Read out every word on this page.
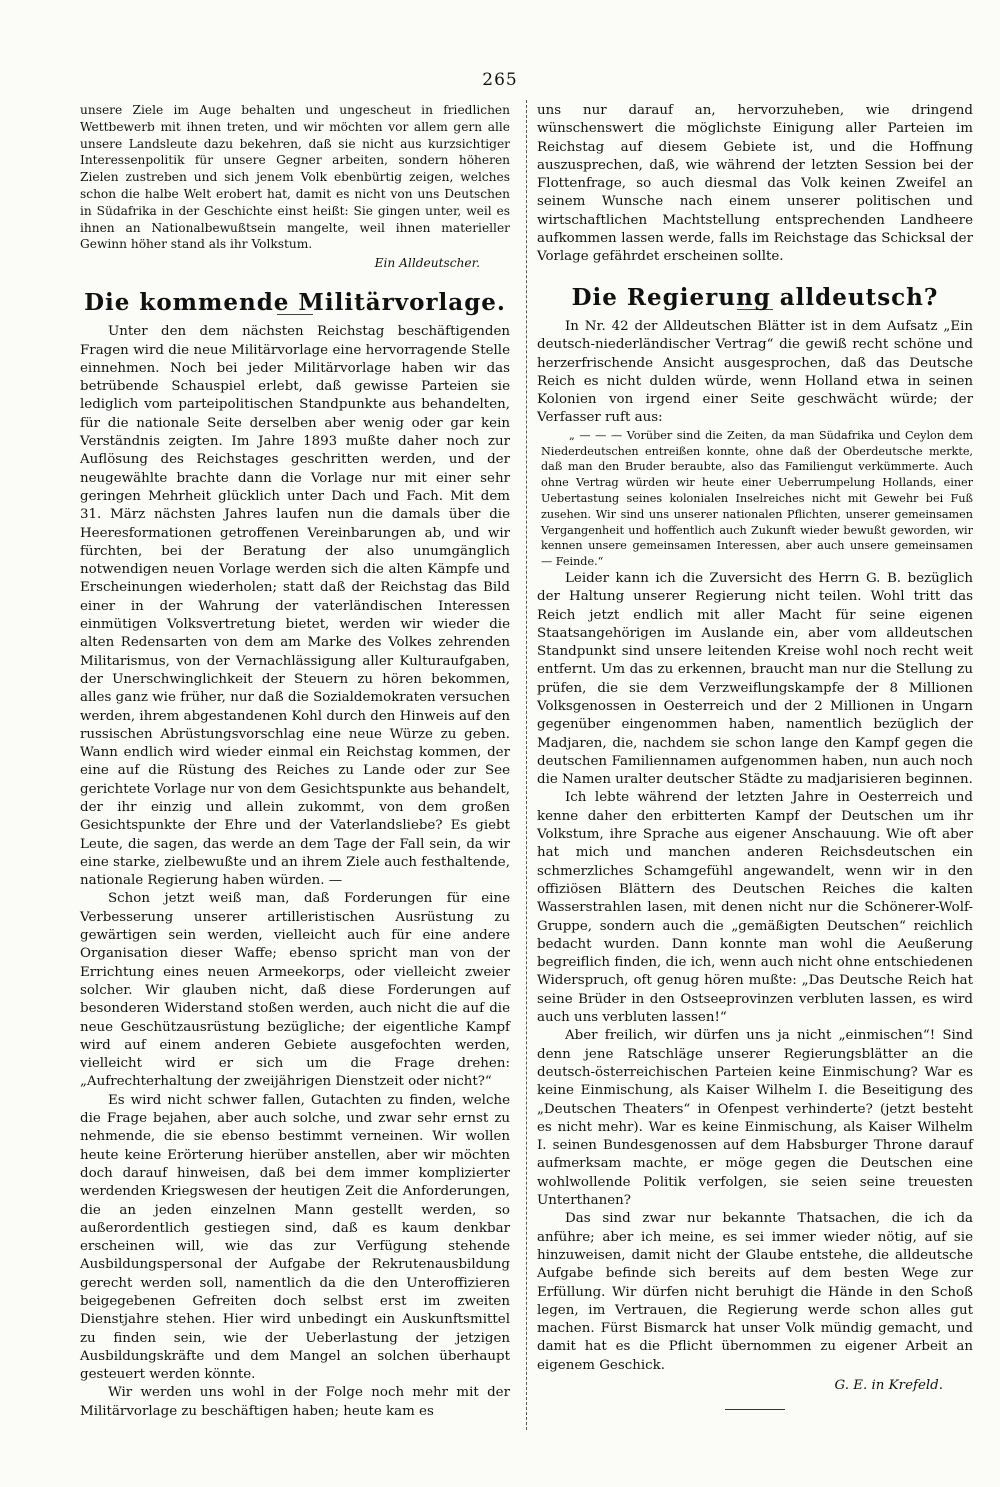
265

unsere Ziele im Auge behalten und ungescheut in friedlichen Wettbewerb mit ihnen treten, und wir möchten vor allem gern alle unsere Landsleute dazu bekehren, daß sie nicht aus kurzsichtiger Interessenpolitik für unsere Gegner arbeiten, sondern höheren Zielen zustreben und sich jenem Volk ebenbürtig zeigen, welches schon die halbe Welt erobert hat, damit es nicht von uns Deutschen in Südafrika in der Geschichte einst heißt: Sie gingen unter, weil es ihnen an Nationalbewußtsein mangelte, weil ihnen materieller Gewinn höher stand als ihr Volkstum.

Ein Alldeutscher.
Die kommende Militärvorlage.

Unter den dem nächsten Reichstag beschäftigenden Fragen wird die neue Militärvorlage eine hervorragende Stelle einnehmen. Noch bei jeder Militärvorlage haben wir das betrübende Schauspiel erlebt, daß gewisse Parteien sie lediglich vom parteipolitischen Standpunkte aus behandelten, für die nationale Seite derselben aber wenig oder gar kein Verständnis zeigten. Im Jahre 1893 mußte daher noch zur Auflösung des Reichstages geschritten werden, und der neugewählte brachte dann die Vorlage nur mit einer sehr geringen Mehrheit glücklich unter Dach und Fach. Mit dem 31. März nächsten Jahres laufen nun die damals über die Heeresformationen getroffenen Vereinbarungen ab, und wir fürchten, bei der Beratung der also unumgänglich notwendigen neuen Vorlage werden sich die alten Kämpfe und Erscheinungen wiederholen; statt daß der Reichstag das Bild einer in der Wahrung der vaterländischen Interessen einmütigen Volksvertretung bietet, werden wir wieder die alten Redensarten von dem am Marke des Volkes zehrenden Militarismus, von der Vernachlässigung aller Kulturaufgaben, der Unerschwinglichkeit der Steuern zu hören bekommen, alles ganz wie früher, nur daß die Sozialdemokraten versuchen werden, ihrem abgestandenen Kohl durch den Hinweis auf den russischen Abrüstungsvorschlag eine neue Würze zu geben. Wann endlich wird wieder einmal ein Reichstag kommen, der eine auf die Rüstung des Reiches zu Lande oder zur See gerichtete Vorlage nur von dem Gesichtspunkte aus behandelt, der ihr einzig und allein zukommt, von dem großen Gesichtspunkte der Ehre und der Vaterlandsliebe? Es giebt Leute, die sagen, das werde an dem Tage der Fall sein, da wir eine starke, zielbewußte und an ihrem Ziele auch festhaltende, nationale Regierung haben würden. —

Schon jetzt weiß man, daß Forderungen für eine Verbesserung unserer artilleristischen Ausrüstung zu gewärtigen sein werden, vielleicht auch für eine andere Organisation dieser Waffe; ebenso spricht man von der Errichtung eines neuen Armeekorps, oder vielleicht zweier solcher. Wir glauben nicht, daß diese Forderungen auf besonderen Widerstand stoßen werden, auch nicht die auf die neue Geschützausrüstung bezügliche; der eigentliche Kampf wird auf einem anderen Gebiete ausgefochten werden, vielleicht wird er sich um die Frage drehen: „Aufrechterhaltung der zweijährigen Dienstzeit oder nicht?“

Es wird nicht schwer fallen, Gutachten zu finden, welche die Frage bejahen, aber auch solche, und zwar sehr ernst zu nehmende, die sie ebenso bestimmt verneinen. Wir wollen heute keine Erörterung hierüber anstellen, aber wir möchten doch darauf hinweisen, daß bei dem immer komplizierter werdenden Kriegswesen der heutigen Zeit die Anforderungen, die an jeden einzelnen Mann gestellt werden, so außerordentlich gestiegen sind, daß es kaum denkbar erscheinen will, wie das zur Verfügung stehende Ausbildungspersonal der Aufgabe der Rekrutenausbildung gerecht werden soll, namentlich da die den Unteroffizieren beigegebenen Gefreiten doch selbst erst im zweiten Dienstjahre stehen. Hier wird unbedingt ein Auskunftsmittel zu finden sein, wie der Ueberlastung der jetzigen Ausbildungskräfte und dem Mangel an solchen überhaupt gesteuert werden könnte.

Wir werden uns wohl in der Folge noch mehr mit der Militärvorlage zu beschäftigen haben; heute kam es

uns nur darauf an, hervorzuheben, wie dringend wünschenswert die möglichste Einigung aller Parteien im Reichstag auf diesem Gebiete ist, und die Hoffnung auszusprechen, daß, wie während der letzten Session bei der Flottenfrage, so auch diesmal das Volk keinen Zweifel an seinem Wunsche nach einem unserer politischen und wirtschaftlichen Machtstellung entsprechenden Landheere aufkommen lassen werde, falls im Reichstage das Schicksal der Vorlage gefährdet erscheinen sollte.

Die Regierung alldeutsch?

In Nr. 42 der Alldeutschen Blätter ist in dem Aufsatz „Ein deutsch-niederländischer Vertrag“ die gewiß recht schöne und herzerfrischende Ansicht ausgesprochen, daß das Deutsche Reich es nicht dulden würde, wenn Holland etwa in seinen Kolonien von irgend einer Seite geschwächt würde; der Verfasser ruft aus:

„ — — — Vorüber sind die Zeiten, da man Südafrika und Ceylon dem Niederdeutschen entreißen konnte, ohne daß der Oberdeutsche merkte, daß man den Bruder beraubte, also das Familiengut verkümmerte. Auch ohne Vertrag würden wir heute einer Ueberrumpelung Hollands, einer Uebertastung seines kolonialen Inselreiches nicht mit Gewehr bei Fuß zusehen. Wir sind uns unserer nationalen Pflichten, unserer gemeinsamen Vergangenheit und hoffentlich auch Zukunft wieder bewußt geworden, wir kennen unsere gemeinsamen Interessen, aber auch unsere gemeinsamen — Feinde.“

Leider kann ich die Zuversicht des Herrn G. B. bezüglich der Haltung unserer Regierung nicht teilen. Wohl tritt das Reich jetzt endlich mit aller Macht für seine eigenen Staatsangehörigen im Auslande ein, aber vom alldeutschen Standpunkt sind unsere leitenden Kreise wohl noch recht weit entfernt. Um das zu erkennen, braucht man nur die Stellung zu prüfen, die sie dem Verzweiflungskampfe der 8 Millionen Volksgenossen in Oesterreich und der 2 Millionen in Ungarn gegenüber eingenommen haben, namentlich bezüglich der Madjaren, die, nachdem sie schon lange den Kampf gegen die deutschen Familiennamen aufgenommen haben, nun auch noch die Namen uralter deutscher Städte zu madjarisieren beginnen.

Ich lebte während der letzten Jahre in Oesterreich und kenne daher den erbitterten Kampf der Deutschen um ihr Volkstum, ihre Sprache aus eigener Anschauung. Wie oft aber hat mich und manchen anderen Reichsdeutschen ein schmerzliches Schamgefühl angewandelt, wenn wir in den offiziösen Blättern des Deutschen Reiches die kalten Wasserstrahlen lasen, mit denen nicht nur die Schönerer-Wolf-Gruppe, sondern auch die „gemäßigten Deutschen“ reichlich bedacht wurden. Dann konnte man wohl die Aeußerung begreiflich finden, die ich, wenn auch nicht ohne entschiedenen Widerspruch, oft genug hören mußte: „Das Deutsche Reich hat seine Brüder in den Ostseeprovinzen verbluten lassen, es wird auch uns verbluten lassen!“

Aber freilich, wir dürfen uns ja nicht „einmischen“! Sind denn jene Ratschläge unserer Regierungsblätter an die deutsch-österreichischen Parteien keine Einmischung? War es keine Einmischung, als Kaiser Wilhelm I. die Beseitigung des „Deutschen Theaters“ in Ofenpest verhinderte? (jetzt besteht es nicht mehr). War es keine Einmischung, als Kaiser Wilhelm I. seinen Bundesgenossen auf dem Habsburger Throne darauf aufmerksam machte, er möge gegen die Deutschen eine wohlwollende Politik verfolgen, sie seien seine treuesten Unterthanen?

Das sind zwar nur bekannte Thatsachen, die ich da anführe; aber ich meine, es sei immer wieder nötig, auf sie hinzuweisen, damit nicht der Glaube entstehe, die alldeutsche Aufgabe befinde sich bereits auf dem besten Wege zur Erfüllung. Wir dürfen nicht beruhigt die Hände in den Schoß legen, im Vertrauen, die Regierung werde schon alles gut machen. Fürst Bismarck hat unser Volk mündig gemacht, und damit hat es die Pflicht übernommen zu eigener Arbeit an eigenem Geschick.

G. E. in Krefeld.
